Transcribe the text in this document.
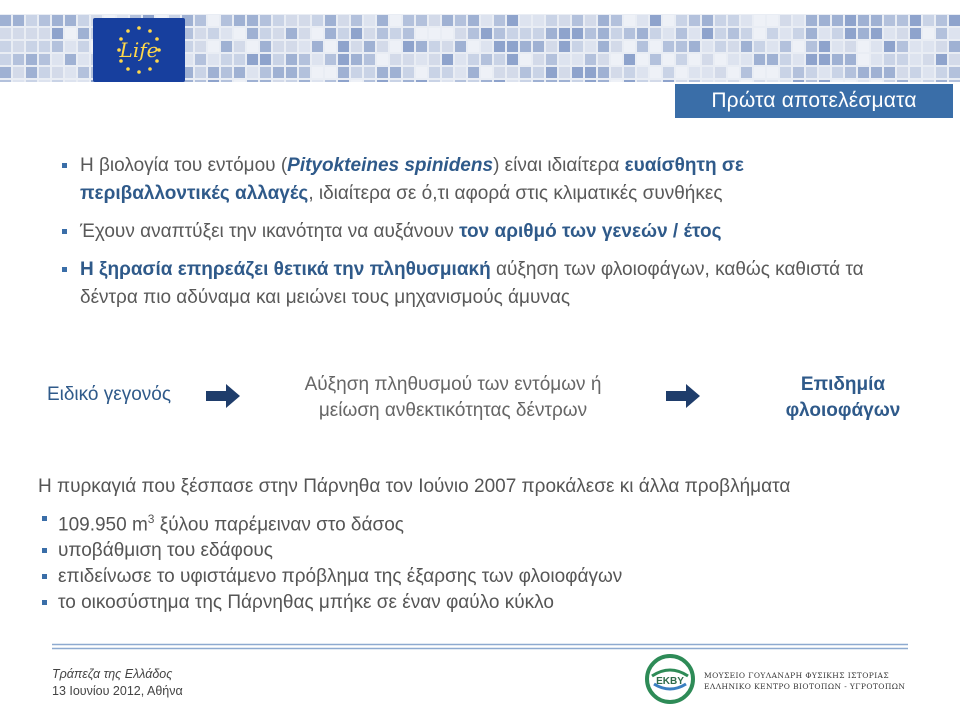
Life
Πρώτα αποτελέσματα
Η βιολογία του εντόμου (Pityokteines spinidens) είναι ιδιαίτερα ευαίσθητη σε περιβαλλοντικές αλλαγές, ιδιαίτερα σε ό,τι αφορά στις κλιματικές συνθήκες
Έχουν αναπτύξει την ικανότητα να αυξάνουν τον αριθμό των γενεών / έτος
Η ξηρασία επηρεάζει θετικά την πληθυσμιακή αύξηση των φλοιοφάγων, καθώς καθιστά τα δέντρα πιο αδύναμα και μειώνει τους μηχανισμούς άμυνας
Ειδικό γεγονός	Αύξηση πληθυσμού των εντόμων ή
μείωση ανθεκτικότητας δέντρων
Επιδημία
φλοιοφάγων
Η πυρκαγιά που ξέσπασε στην Πάρνηθα τον Ιούνιο 2007 προκάλεσε κι άλλα προβλήματα
109.950 $m^3$ ξύλου παρέμειναν στο δάσος
υποβάθμιση του εδάφους
επιδείνωσε το υφιστάμενο πρόβλημα της έξαρσης των φλοιοφάγων
το οικοσύστημα της Πάρνηθας μπήκε σε έναν φαύλο κύκλο
Τράπεζα της Ελλάδος
13 Ιουνίου 2012, Αθήνα
EKBY
ΜΟΥΣΕΙΟ ΓΟΥΛΑΝΔΡΗ ΦΥΣΙΚΗΣ ΙΣΤΟΡΙΑΣ
ΕΛΛΗΝΙΚΟ ΚΕΝΤΡΟ ΒΙΟΤΟΠΩΝ - ΥΓΡΟΤΟΠΩΝ
